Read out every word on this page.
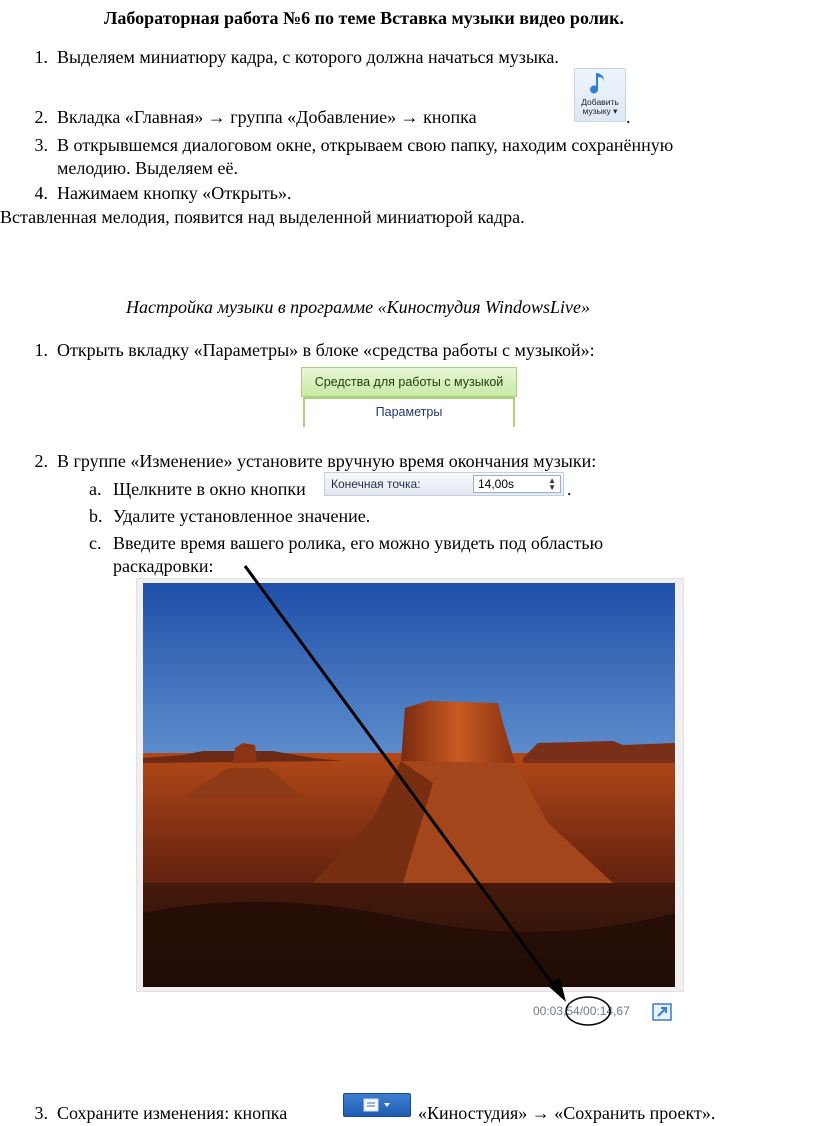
Лабораторная работа №6 по теме Вставка музыки видео ролик.
1. Выделяем миниатюру кадра, с которого должна начаться музыка.
2. Вкладка «Главная» → группа «Добавление» → кнопка
Добавить
музыку ▾ .
3. В открывшемся диалоговом окне, открываем свою папку, находим сохранённую
мелодию. Выделяем её.
4. Нажимаем кнопку «Открыть».
Вставленная мелодия, появится над выделенной миниатюрой кадра.
Настройка музыки в программе «Киностудия WindowsLive»
1. Открыть вкладку «Параметры» в блоке «средства работы с музыкой»:
Средства для работы с музыкой
Параметры
2. В группе «Изменение» установите вручную время окончания музыки:
a. Щелкните в окно кнопки Конечная точка:	14,00s	▲
▼ .
b. Удалите установленное значение.
c. Введите время вашего ролика, его можно увидеть под областью
раскадровки:
00:03,54/00:14,67
3. Сохраните изменения: кнопка	«Киностудия» → «Сохранить проект».
